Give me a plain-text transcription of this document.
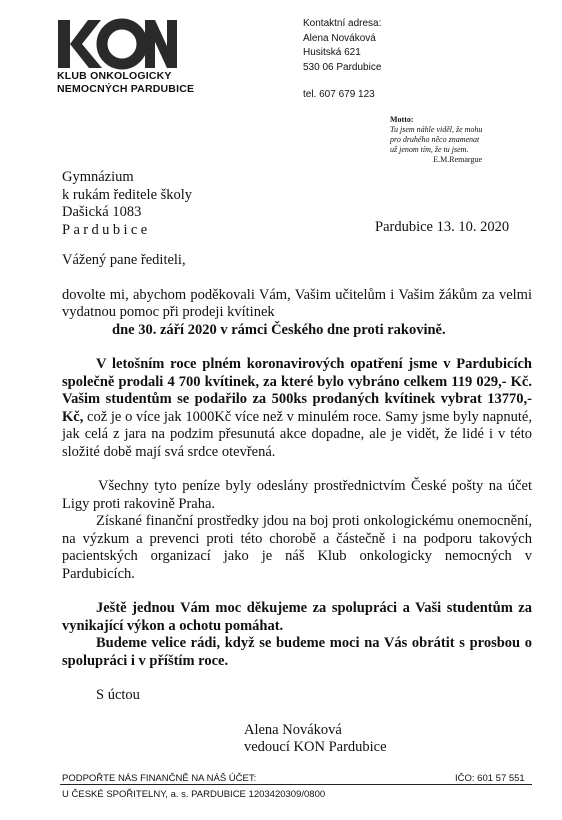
KLUB ONKOLOGICKY
NEMOCNÝCH PARDUBICE
Kontaktní adresa:
Alena Nováková
Husitská 621
530 06 Pardubice
tel. 607 679 123
Motto:
Tu jsem náhle viděl, že mohu
pro druhého něco znamenat
už jenom tím, že tu jsem.
E.M.Remargue
Gymnázium
k rukám ředitele školy
Dašická 1083
Pardubice	Pardubice 13. 10. 2020

Vážený pane řediteli,

dovolte mi, abychom poděkovali Vám, Vašim učitelům i Vašim žákům za velmi vydatnou pomoc při prodeji kvítinek

dne 30. září 2020 v rámci Českého dne proti rakovině.

V letošním roce plném koronavirových opatření jsme v Pardubicích společně prodali 4 700 kvítinek, za které bylo vybráno celkem 119 029,- Kč. Vašim studentům se podařilo za 500ks prodaných kvítinek vybrat 13770,- Kč, což je o více jak 1000Kč více než v minulém roce. Samy jsme byly napnuté, jak celá z jara na podzim přesunutá akce dopadne, ale je vidět, že lidé i v této složité době mají svá srdce otevřená.

Všechny tyto peníze byly odeslány prostřednictvím České pošty na účet Ligy proti rakovině Praha.

Získané finanční prostředky jdou na boj proti onkologickému onemocnění, na výzkum a prevenci proti této chorobě a částečně i na podporu takových pacientských organizací jako je náš Klub onkologicky nemocných v Pardubicích.

Ještě jednou Vám moc děkujeme za spolupráci a Vaši studentům za vynikající výkon a ochotu pomáhat.

Budeme velice rádi, když se budeme moci na Vás obrátit s prosbou o spolupráci i v příštím roce.

S úctou

Alena Nováková

vedoucí KON Pardubice

PODPOŘTE NÁS FINANČNĚ NA NÁŠ ÚČET:	IČO: 601 57 551
U ČESKÉ SPOŘITELNY, a. s. PARDUBICE 1203420309/0800
